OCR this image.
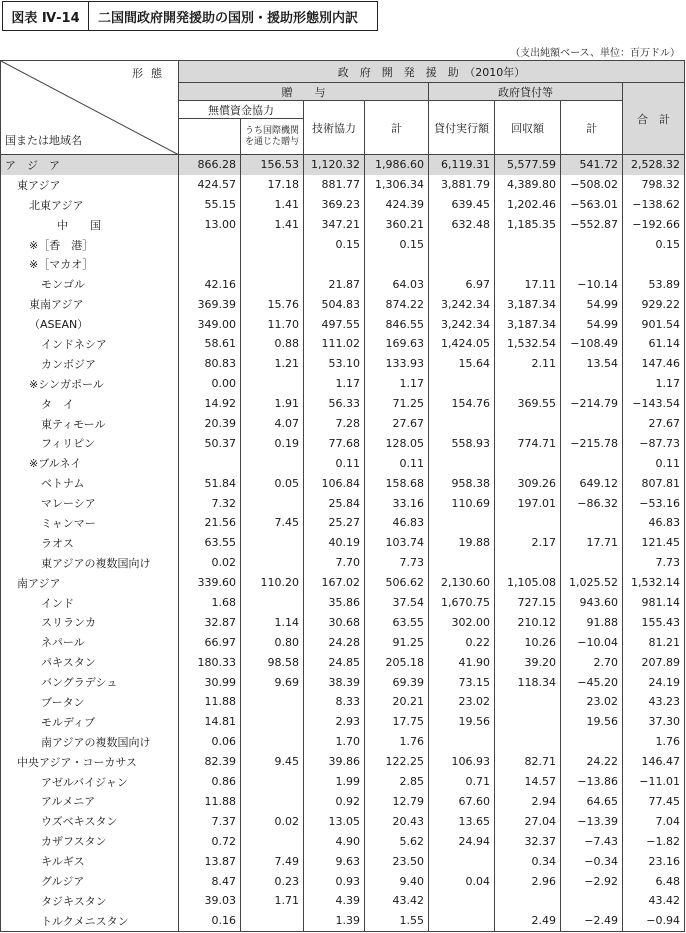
図表 Ⅳ-14	二国間政府開発援助の国別・援助形態別内訳
（支出純額ベース、単位：百万ドル）
形態
国または地域名	政　府　開　発　援　助　（2010年）							
	贈　　与				政府貸付等			合　計
	無償資金協力		技術協力	計	貸付実行額	回収額	計	
		うち国際機関を通じた贈与						
ア　ジ　ア	866.28	156.53	1,120.32	1,986.60	6,119.31	5,577.59	541.72	2,528.32
東アジア	424.57	17.18	881.77	1,306.34	3,881.79	4,389.80	−508.02	798.32
北東アジア	55.15	1.41	369.23	424.39	639.45	1,202.46	−563.01	−138.62
中　　国	13.00	1.41	347.21	360.21	632.48	1,185.35	−552.87	−192.66
※［香　港］			0.15	0.15				0.15
※［マカオ］								
モンゴル	42.16		21.87	64.03	6.97	17.11	−10.14	53.89
東南アジア	369.39	15.76	504.83	874.22	3,242.34	3,187.34	54.99	929.22
（ASEAN）	349.00	11.70	497.55	846.55	3,242.34	3,187.34	54.99	901.54
インドネシア	58.61	0.88	111.02	169.63	1,424.05	1,532.54	−108.49	61.14
カンボジア	80.83	1.21	53.10	133.93	15.64	2.11	13.54	147.46
※シンガポール	0.00		1.17	1.17				1.17
タ　イ	14.92	1.91	56.33	71.25	154.76	369.55	−214.79	−143.54
東ティモール	20.39	4.07	7.28	27.67				27.67
フィリピン	50.37	0.19	77.68	128.05	558.93	774.71	−215.78	−87.73
※ブルネイ			0.11	0.11				0.11
ベトナム	51.84	0.05	106.84	158.68	958.38	309.26	649.12	807.81
マレーシア	7.32		25.84	33.16	110.69	197.01	−86.32	−53.16
ミャンマー	21.56	7.45	25.27	46.83				46.83
ラオス	63.55		40.19	103.74	19.88	2.17	17.71	121.45
東アジアの複数国向け	0.02		7.70	7.73				7.73
南アジア	339.60	110.20	167.02	506.62	2,130.60	1,105.08	1,025.52	1,532.14
インド	1.68		35.86	37.54	1,670.75	727.15	943.60	981.14
スリランカ	32.87	1.14	30.68	63.55	302.00	210.12	91.88	155.43
ネパール	66.97	0.80	24.28	91.25	0.22	10.26	−10.04	81.21
パキスタン	180.33	98.58	24.85	205.18	41.90	39.20	2.70	207.89
バングラデシュ	30.99	9.69	38.39	69.39	73.15	118.34	−45.20	24.19
ブータン	11.88		8.33	20.21	23.02		23.02	43.23
モルディブ	14.81		2.93	17.75	19.56		19.56	37.30
南アジアの複数国向け	0.06		1.70	1.76				1.76
中央アジア・コーカサス	82.39	9.45	39.86	122.25	106.93	82.71	24.22	146.47
アゼルバイジャン	0.86		1.99	2.85	0.71	14.57	−13.86	−11.01
アルメニア	11.88		0.92	12.79	67.60	2.94	64.65	77.45
ウズベキスタン	7.37	0.02	13.05	20.43	13.65	27.04	−13.39	7.04
カザフスタン	0.72		4.90	5.62	24.94	32.37	−7.43	−1.82
キルギス	13.87	7.49	9.63	23.50		0.34	−0.34	23.16
グルジア	8.47	0.23	0.93	9.40	0.04	2.96	−2.92	6.48
タジキスタン	39.03	1.71	4.39	43.42				43.42
トルクメニスタン	0.16		1.39	1.55		2.49	−2.49	−0.94
